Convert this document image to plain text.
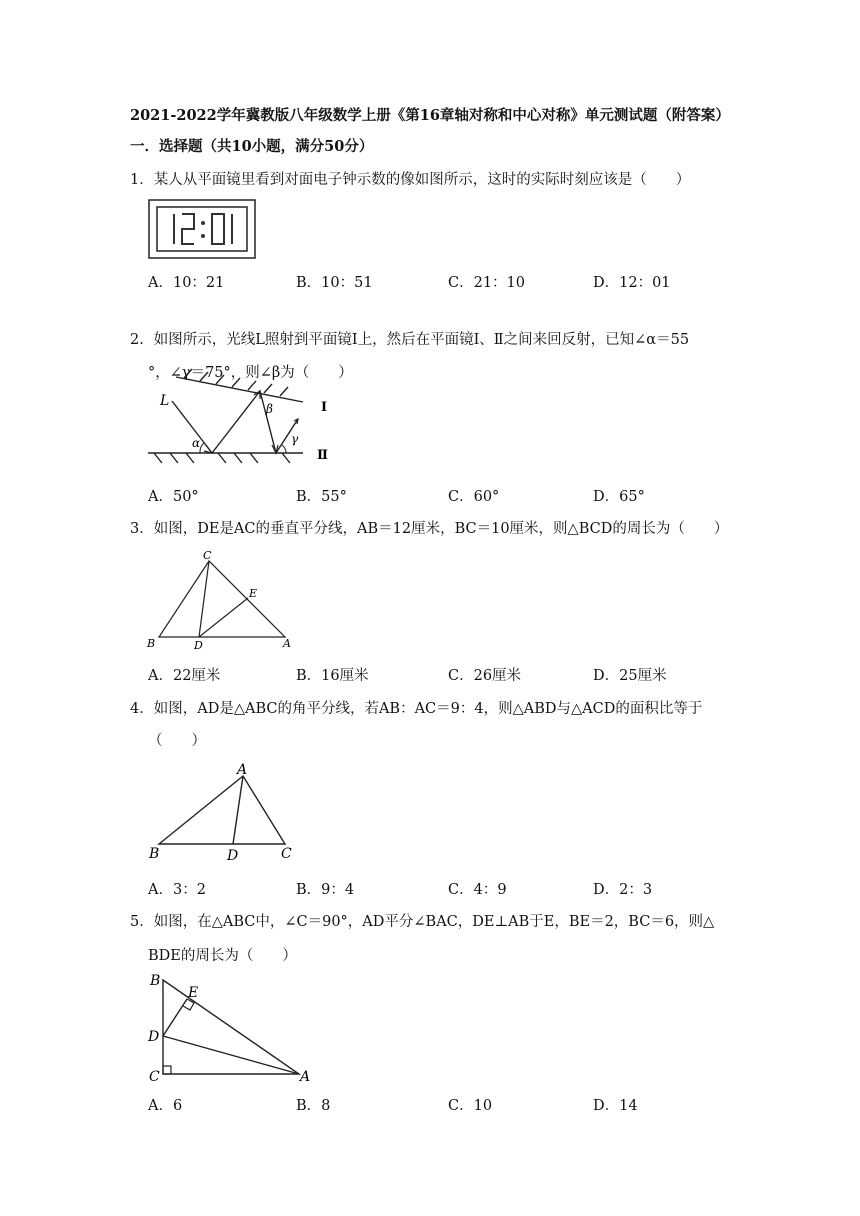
2021-2022学年冀教版八年级数学上册《第16章轴对称和中心对称》单元测试题（附答案）
一．选择题（共10小题，满分50分）
1．某人从平面镜里看到对面电子钟示数的像如图所示，这时的实际时刻应该是（　　）
A．10：21	B．10：51	C．21：10	D．12：01
2．如图所示，光线L照射到平面镜I上，然后在平面镜Ⅰ、Ⅱ之间来回反射，已知∠α＝55
°，∠γ＝75°，则∠β为（　　）
L
α
β
γ
Ⅰ
Ⅱ
A．50°	B．55°	C．60°	D．65°
3．如图，DE是AC的垂直平分线，AB＝12厘米，BC＝10厘米，则△BCD的周长为（　　）
C
E
B	D	A
A．22厘米	B．16厘米	C．26厘米	D．25厘米
4．如图，AD是△ABC的角平分线，若AB：AC＝9：4，则△ABD与△ACD的面积比等于
（　　）
A
B	D	C
A．3：2	B．9：4	C．4：9	D．2：3
5．如图，在△ABC中，∠C＝90°，AD平分∠BAC，DE⊥AB于E，BE＝2，BC＝6，则△
BDE的周长为（　　）
B
E
D
C	A
A．6	B．8	C．10	D．14
